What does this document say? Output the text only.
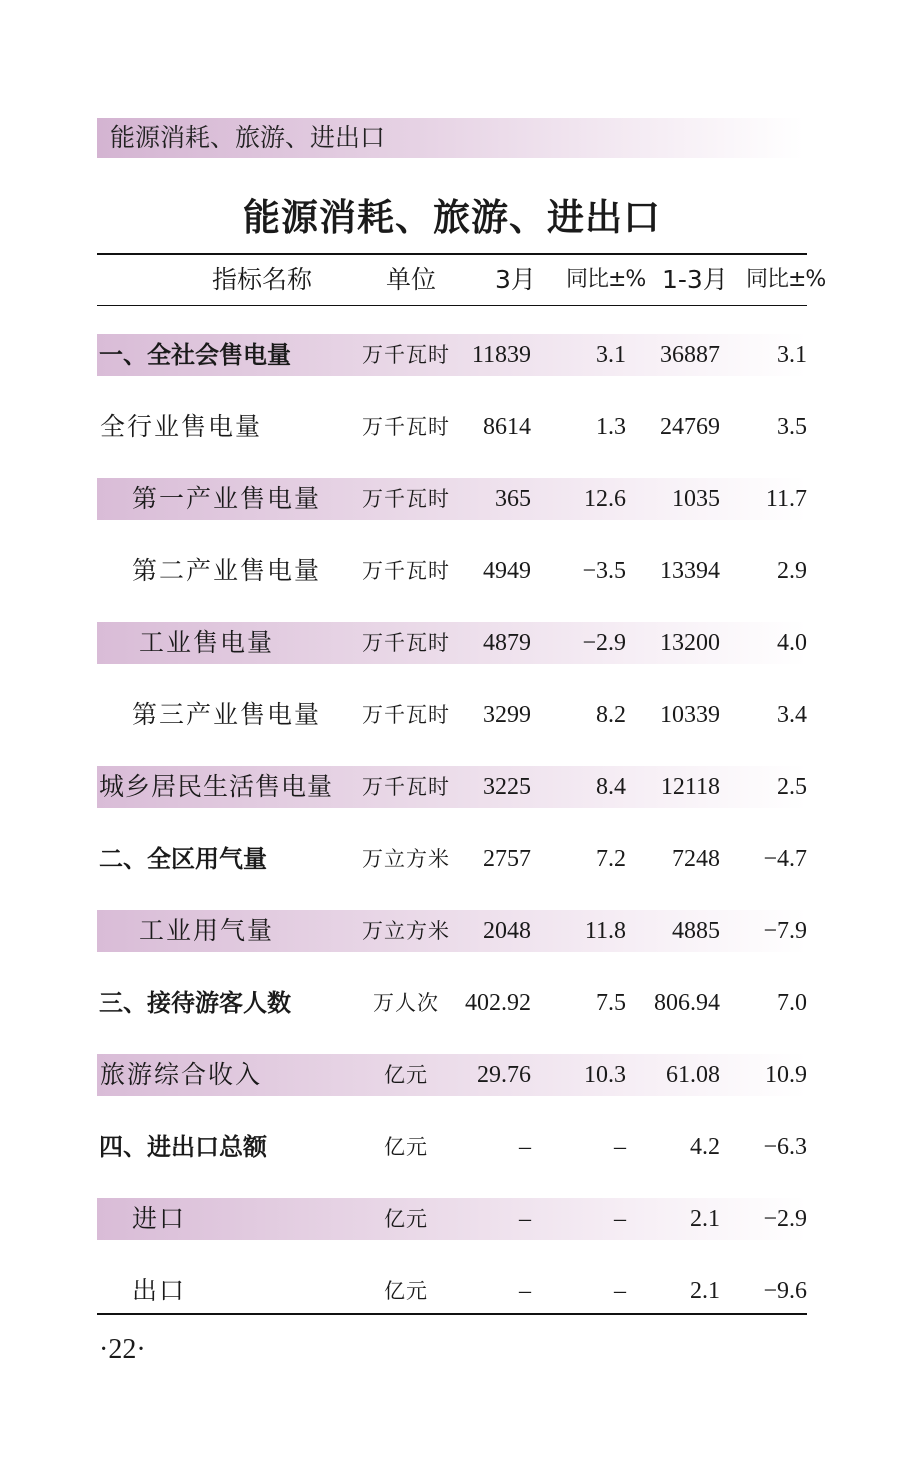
能源消耗、旅游、进出口
能源消耗、旅游、进出口
指标名称	单位 3月 同比±% 1-3月 同比±%
一、全社会售电量	万千瓦时 11839	3.1 36887 3.1
全行业售电量	万千瓦时 8614	1.3 24769 3.5
第一产业售电量 万千瓦时 365 12.6 1035 11.7
第二产业售电量 万千瓦时 4949 −3.5 13394 2.9
工业售电量	万千瓦时 4879 −2.9 13200 4.0
第三产业售电量 万千瓦时 3299	8.2 10339 3.4
城乡居民生活售电量 万千瓦时 3225	8.4 12118 2.5
二、全区用气量	万立方米 2757	7.2 7248 −4.7
工业用气量	万立方米 2048 11.8 4885 −7.9
三、接待游客人数	万人次	402.92	7.5 806.94 7.0
旅游综合收入	亿元	29.76 10.3 61.08 10.9
四、进出口总额	亿元	–	–	4.2 −6.3
进口	亿元	–	–	2.1 −2.9
出口	亿元	–	–	2.1 −9.6
·22·
